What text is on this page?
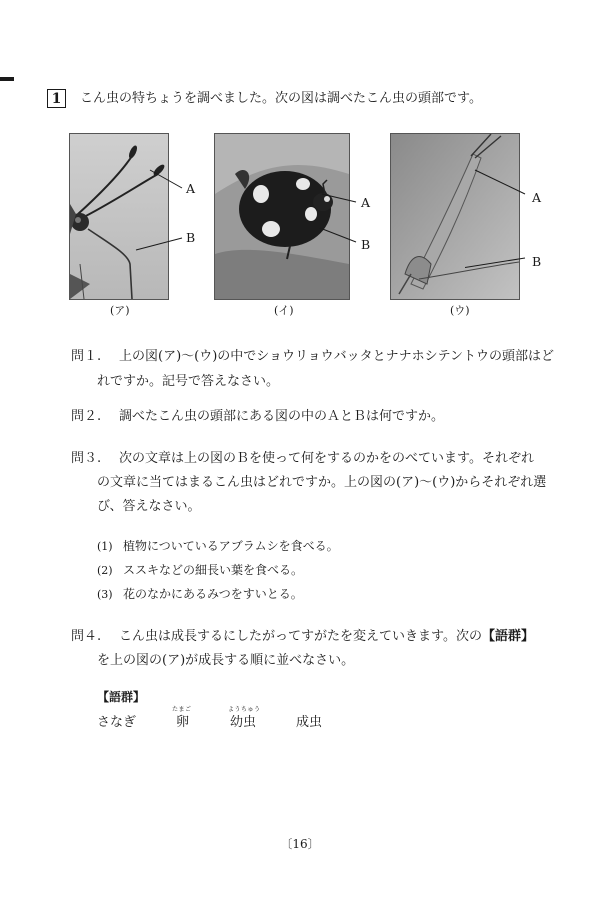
1	こん虫の特ちょうを調べました。次の図は調べたこん虫の頭部です。
A
B
(ア)
A
B
(イ)
A
B
(ウ)
問１. 上の図(ア)～(ウ)の中でショウリョウバッタとナナホシテントウの頭部はど
れですか。記号で答えなさい。
問２. 調べたこん虫の頭部にある図の中のＡとＢは何ですか。
問３. 次の文章は上の図のＢを使って何をするのかをのべています。それぞれ
の文章に当てはまるこん虫はどれですか。上の図の(ア)～(ウ)からそれぞれ選
び、答えなさい。
(1) 植物についているアブラムシを食べる。
(2) ススキなどの細長い葉を食べる。
(3) 花のなかにあるみつをすいとる。
問４. こん虫は成長するにしたがってすがたを変えていきます。次の【語群】
を上の図の(ア)が成長する順に並べなさい。
【語群】
さなぎ
たまご
卵
ようちゅう
幼虫	成虫
〔16〕
